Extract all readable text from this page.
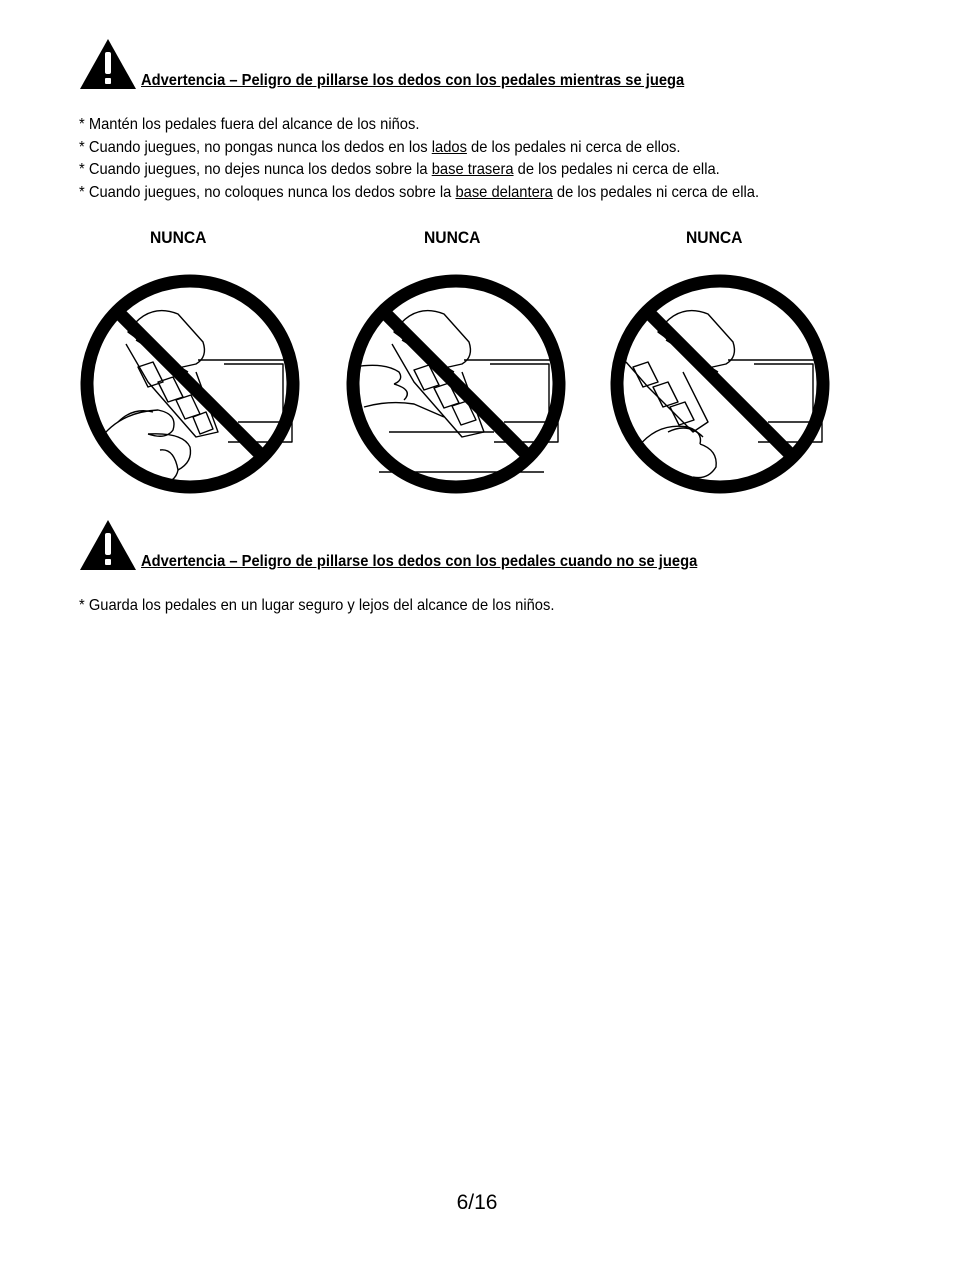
Advertencia – Peligro de pillarse los dedos con los pedales mientras se juega

* Mantén los pedales fuera del alcance de los niños.

* Cuando juegues, no pongas nunca los dedos en los lados de los pedales ni cerca de ellos.

* Cuando juegues, no dejes nunca los dedos sobre la base trasera de los pedales ni cerca de ella.

* Cuando juegues, no coloques nunca los dedos sobre la base delantera de los pedales ni cerca de ella.

NUNCA	NUNCA	NUNCA
Advertencia – Peligro de pillarse los dedos con los pedales cuando no se juega

* Guarda los pedales en un lugar seguro y lejos del alcance de los niños.

6/16
